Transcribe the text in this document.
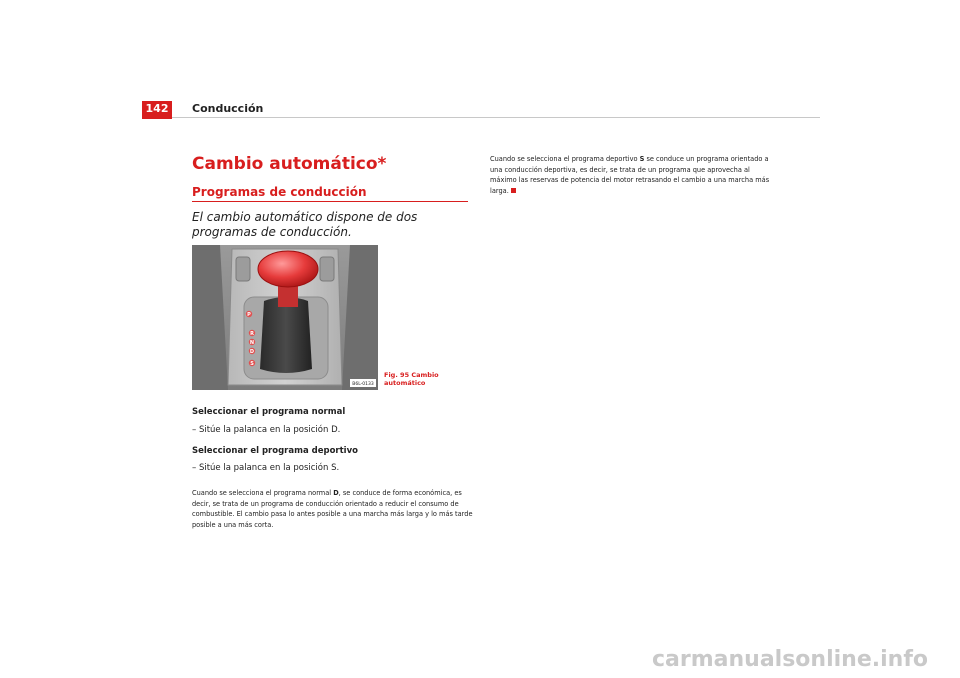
142	Conducción
Cambio automático*
Programas de conducción
El cambio automático dispone de dos programas de conducción.
P
R
N
D
S
B6L-0133
Fig. 95 Cambio automático
Seleccionar el programa normal
– Sitúe la palanca en la posición D.
Seleccionar el programa deportivo
– Sitúe la palanca en la posición S.
Cuando se selecciona el programa normal D, se conduce de forma económica, es decir, se trata de un programa de conducción orientado a reducir el consumo de combustible. El cambio pasa lo antes posible a una marcha más larga y lo más tarde posible a una más corta.
Cuando se selecciona el programa deportivo S se conduce un programa orientado a una conducción deportiva, es decir, se trata de un programa que aprovecha al máximo las reservas de potencia del motor retrasando el cambio a una marcha más larga.
carmanualsonline.info
